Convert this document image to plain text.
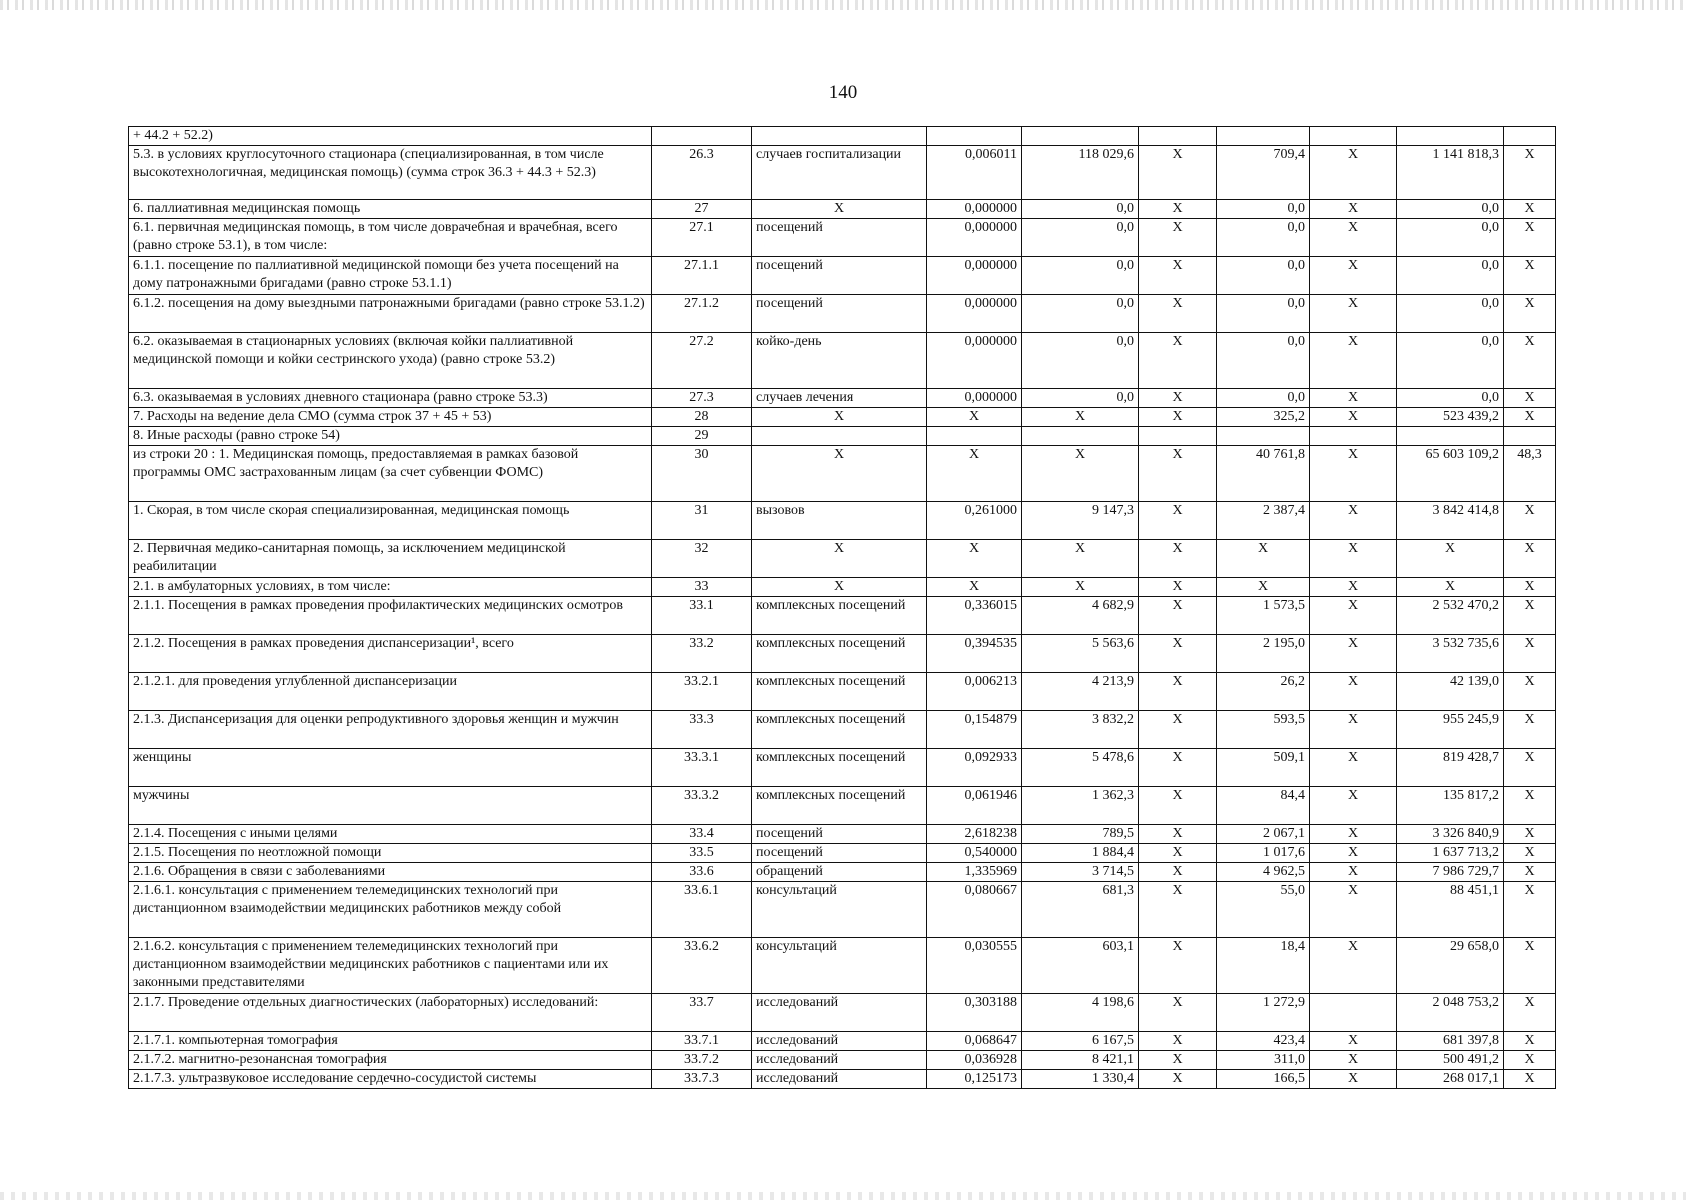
140
+ 44.2 + 52.2)									
5.3. в условиях круглосуточного стационара (специализированная, в том числе высокотехнологичная, медицинская помощь) (сумма строк 36.3 + 44.3 + 52.3)	26.3	случаев госпитализации	0,006011	118 029,6	X	709,4	X	1 141 818,3	X
6. паллиативная медицинская помощь	27	X	0,000000	0,0	X	0,0	X	0,0	X
6.1. первичная медицинская помощь, в том числе доврачебная и врачебная, всего (равно строке 53.1), в том числе:	27.1	посещений	0,000000	0,0	X	0,0	X	0,0	X
6.1.1. посещение по паллиативной медицинской помощи без учета посещений на дому патронажными бригадами (равно строке 53.1.1)	27.1.1	посещений	0,000000	0,0	X	0,0	X	0,0	X
6.1.2. посещения на дому выездными патронажными бригадами (равно строке 53.1.2)	27.1.2	посещений	0,000000	0,0	X	0,0	X	0,0	X
6.2. оказываемая в стационарных условиях (включая койки паллиативной медицинской помощи и койки сестринского ухода) (равно строке 53.2)	27.2	койко-день	0,000000	0,0	X	0,0	X	0,0	X
6.3. оказываемая в условиях дневного стационара (равно строке 53.3)	27.3	случаев лечения	0,000000	0,0	X	0,0	X	0,0	X
7. Расходы на ведение дела СМО (сумма строк 37 + 45 + 53)	28	X	X	X	X	325,2	X	523 439,2	X
8. Иные расходы (равно строке 54)	29								
из строки 20 : 1. Медицинская помощь, предоставляемая в рамках базовой программы ОМС застрахованным лицам (за счет субвенции ФОМС)	30	X	X	X	X	40 761,8	X	65 603 109,2	48,3
1. Скорая, в том числе скорая специализированная, медицинская помощь	31	вызовов	0,261000	9 147,3	X	2 387,4	X	3 842 414,8	X
2. Первичная медико-санитарная помощь, за исключением медицинской реабилитации	32	X	X	X	X	X	X	X	X
2.1. в амбулаторных условиях, в том числе:	33	X	X	X	X	X	X	X	X
2.1.1. Посещения в рамках проведения профилактических медицинских осмотров	33.1	комплексных посещений	0,336015	4 682,9	X	1 573,5	X	2 532 470,2	X
2.1.2. Посещения в рамках проведения диспансеризации¹, всего	33.2	комплексных посещений	0,394535	5 563,6	X	2 195,0	X	3 532 735,6	X
2.1.2.1. для проведения углубленной диспансеризации	33.2.1	комплексных посещений	0,006213	4 213,9	X	26,2	X	42 139,0	X
2.1.3. Диспансеризация для оценки репродуктивного здоровья женщин и мужчин	33.3	комплексных посещений	0,154879	3 832,2	X	593,5	X	955 245,9	X
женщины	33.3.1	комплексных посещений	0,092933	5 478,6	X	509,1	X	819 428,7	X
мужчины	33.3.2	комплексных посещений	0,061946	1 362,3	X	84,4	X	135 817,2	X
2.1.4. Посещения с иными целями	33.4	посещений	2,618238	789,5	X	2 067,1	X	3 326 840,9	X
2.1.5. Посещения по неотложной помощи	33.5	посещений	0,540000	1 884,4	X	1 017,6	X	1 637 713,2	X
2.1.6. Обращения в связи с заболеваниями	33.6	обращений	1,335969	3 714,5	X	4 962,5	X	7 986 729,7	X
2.1.6.1. консультация с применением телемедицинских технологий при дистанционном взаимодействии медицинских работников между собой	33.6.1	консультаций	0,080667	681,3	X	55,0	X	88 451,1	X
2.1.6.2. консультация с применением телемедицинских технологий при дистанционном взаимодействии медицинских работников с пациентами или их законными представителями	33.6.2	консультаций	0,030555	603,1	X	18,4	X	29 658,0	X
2.1.7. Проведение отдельных диагностических (лабораторных) исследований:	33.7	исследований	0,303188	4 198,6	X	1 272,9		2 048 753,2	X
2.1.7.1. компьютерная томография	33.7.1	исследований	0,068647	6 167,5	X	423,4	X	681 397,8	X
2.1.7.2. магнитно-резонансная томография	33.7.2	исследований	0,036928	8 421,1	X	311,0	X	500 491,2	X
2.1.7.3. ультразвуковое исследование сердечно-сосудистой системы	33.7.3	исследований	0,125173	1 330,4	X	166,5	X	268 017,1	X
